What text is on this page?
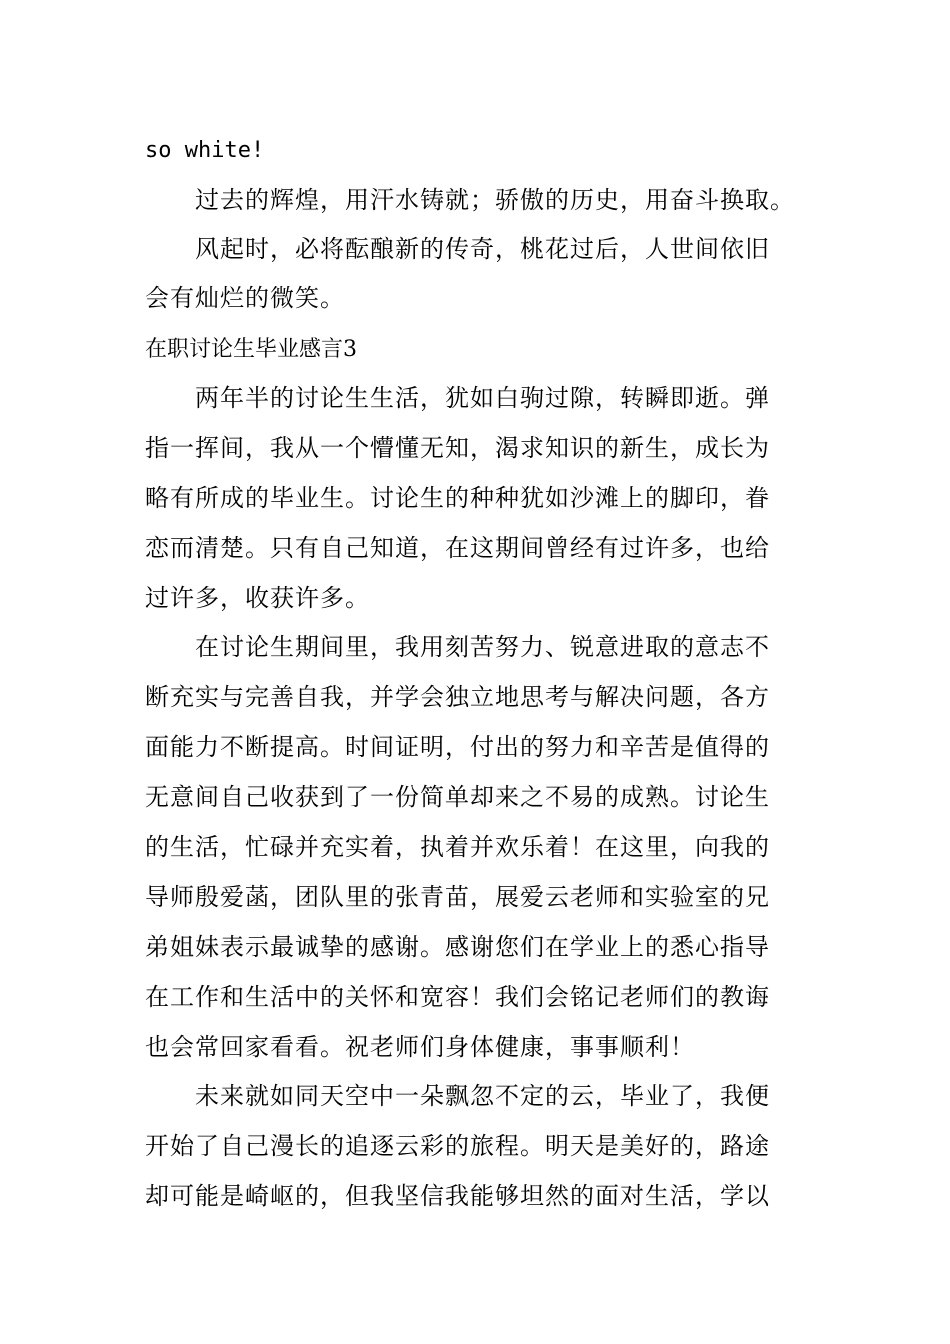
so white!
过去的辉煌，用汗水铸就；骄傲的历史，用奋斗换取。
风起时，必将酝酿新的传奇，桃花过后，人世间依旧
会有灿烂的微笑。
在职讨论生毕业感言3
两年半的讨论生生活，犹如白驹过隙，转瞬即逝。弹
指一挥间，我从一个懵懂无知，渴求知识的新生，成长为
略有所成的毕业生。讨论生的种种犹如沙滩上的脚印，眷
恋而清楚。只有自己知道，在这期间曾经有过许多，也给
过许多，收获许多。
在讨论生期间里，我用刻苦努力、锐意进取的意志不
断充实与完善自我，并学会独立地思考与解决问题，各方
面能力不断提高。时间证明，付出的努力和辛苦是值得的
无意间自己收获到了一份简单却来之不易的成熟。讨论生
的生活，忙碌并充实着，执着并欢乐着！在这里，向我的
导师殷爱菡，团队里的张青苗，展爱云老师和实验室的兄
弟姐妹表示最诚挚的感谢。感谢您们在学业上的悉心指导
在工作和生活中的关怀和宽容！我们会铭记老师们的教诲
也会常回家看看。祝老师们身体健康，事事顺利！
未来就如同天空中一朵飘忽不定的云，毕业了，我便
开始了自己漫长的追逐云彩的旅程。明天是美好的，路途
却可能是崎岖的，但我坚信我能够坦然的面对生活，学以
